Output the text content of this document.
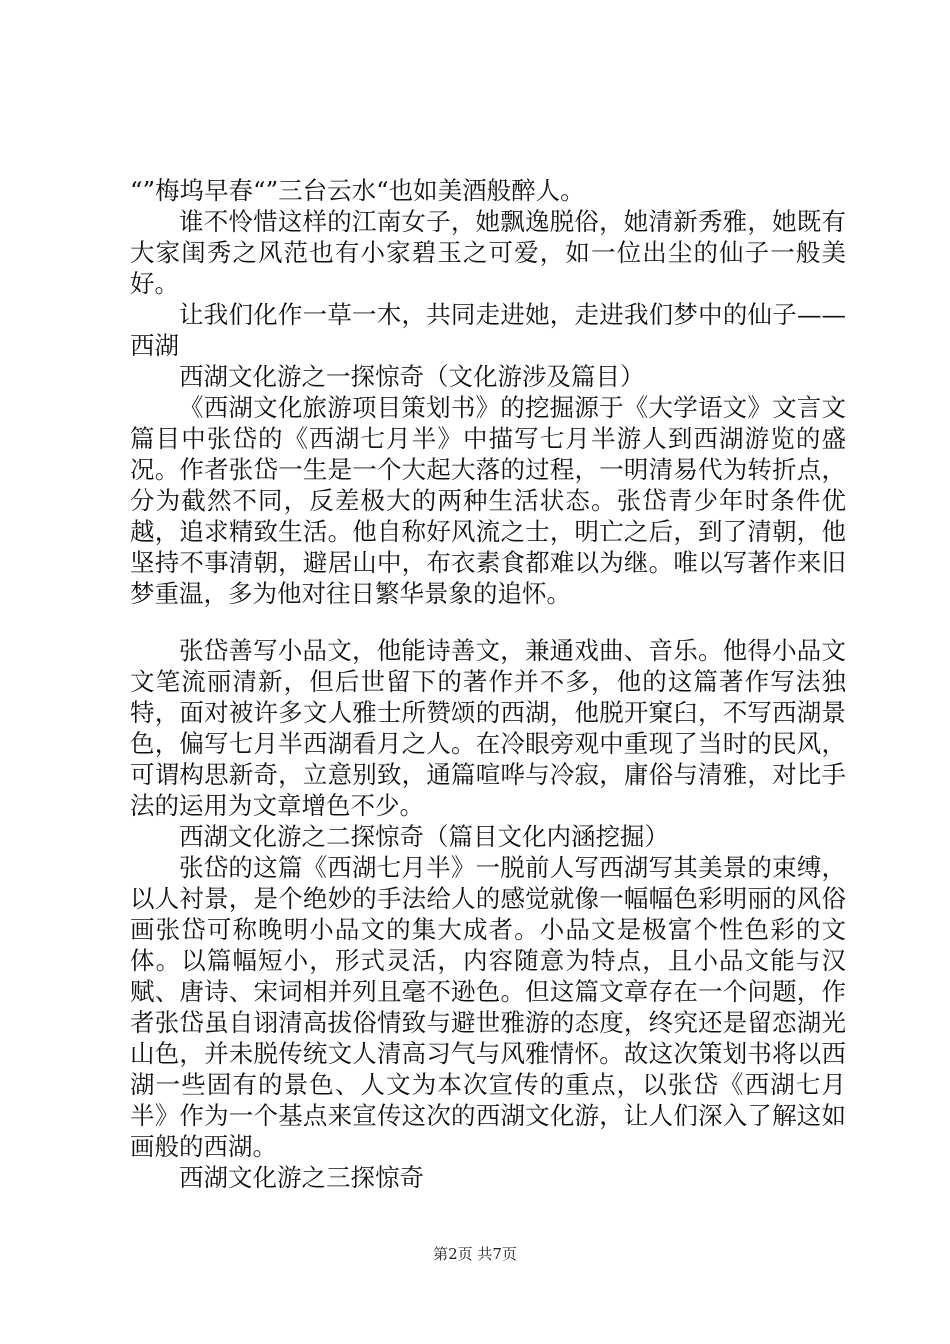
“”梅坞早春“”三台云水“也如美酒般醉人。

谁不怜惜这样的江南女子，她飘逸脱俗，她清新秀雅，她既有大家闺秀之风范也有小家碧玉之可爱，如一位出尘的仙子一般美好。

让我们化作一草一木，共同走进她，走进我们梦中的仙子——西湖

西湖文化游之一探惊奇（文化游涉及篇目）

《西湖文化旅游项目策划书》的挖掘源于《大学语文》文言文篇目中张岱的《西湖七月半》中描写七月半游人到西湖游览的盛况。作者张岱一生是一个大起大落的过程，一明清易代为转折点，分为截然不同，反差极大的两种生活状态。张岱青少年时条件优越，追求精致生活。他自称好风流之士，明亡之后，到了清朝，他坚持不事清朝，避居山中，布衣素食都难以为继。唯以写著作来旧梦重温，多为他对往日繁华景象的追怀。

张岱善写小品文，他能诗善文，兼通戏曲、音乐。他得小品文文笔流丽清新，但后世留下的著作并不多，他的这篇著作写法独特，面对被许多文人雅士所赞颂的西湖，他脱开窠臼，不写西湖景色，偏写七月半西湖看月之人。在冷眼旁观中重现了当时的民风，可谓构思新奇，立意别致，通篇喧哗与冷寂，庸俗与清雅，对比手法的运用为文章增色不少。

西湖文化游之二探惊奇（篇目文化内涵挖掘）

张岱的这篇《西湖七月半》一脱前人写西湖写其美景的束缚，以人衬景，是个绝妙的手法给人的感觉就像一幅幅色彩明丽的风俗画张岱可称晚明小品文的集大成者。小品文是极富个性色彩的文体。以篇幅短小，形式灵活，内容随意为特点，且小品文能与汉赋、唐诗、宋词相并列且毫不逊色。但这篇文章存在一个问题，作者张岱虽自诩清高拔俗情致与避世雅游的态度，终究还是留恋湖光山色，并未脱传统文人清高习气与风雅情怀。故这次策划书将以西湖一些固有的景色、人文为本次宣传的重点，以张岱《西湖七月半》作为一个基点来宣传这次的西湖文化游，让人们深入了解这如画般的西湖。

西湖文化游之三探惊奇

第2页 共7页
